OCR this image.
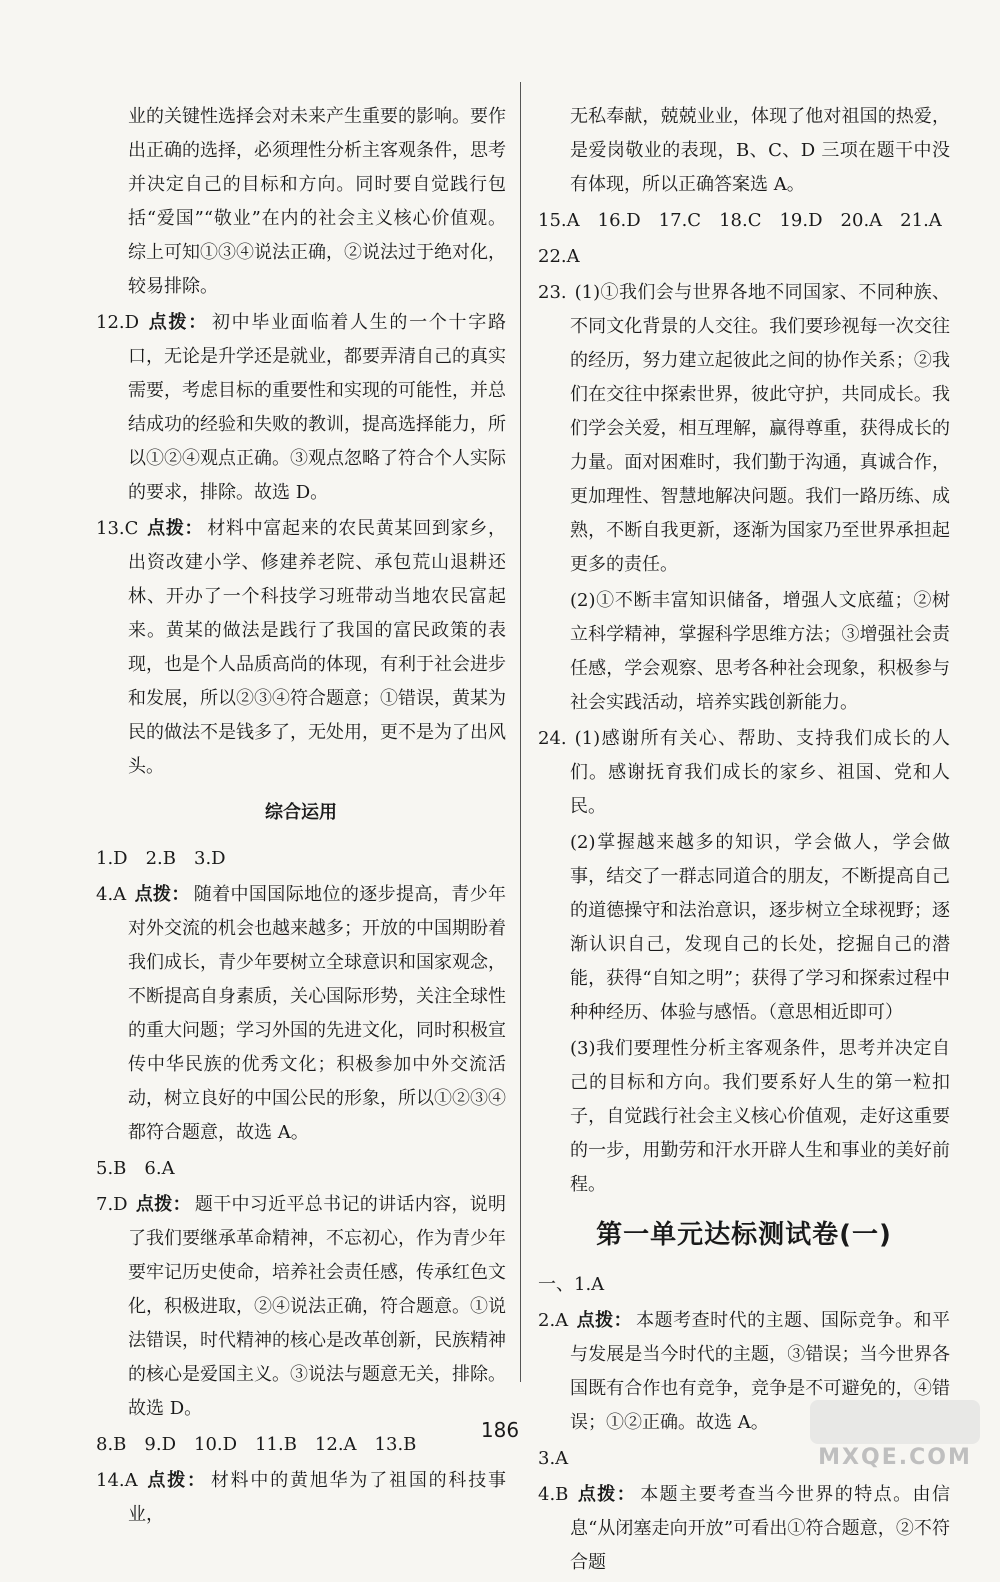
业的关键性选择会对未来产生重要的影响。要作出正确的选择，必须理性分析主客观条件，思考并决定自己的目标和方向。同时要自觉践行包括“爱国”“敬业”在内的社会主义核心价值观。综上可知①③④说法正确，②说法过于绝对化，较易排除。
12.D 点拨： 初中毕业面临着人生的一个十字路口，无论是升学还是就业，都要弄清自己的真实需要，考虑目标的重要性和实现的可能性，并总结成功的经验和失败的教训，提高选择能力，所以①②④观点正确。③观点忽略了符合个人实际的要求，排除。故选 D。
13.C 点拨： 材料中富起来的农民黄某回到家乡，出资改建小学、修建养老院、承包荒山退耕还林、开办了一个科技学习班带动当地农民富起来。黄某的做法是践行了我国的富民政策的表现，也是个人品质高尚的体现，有利于社会进步和发展，所以②③④符合题意；①错误，黄某为民的做法不是钱多了，无处用，更不是为了出风头。
综合运用
1.D　2.B　3.D
4.A 点拨： 随着中国国际地位的逐步提高，青少年对外交流的机会也越来越多；开放的中国期盼着我们成长，青少年要树立全球意识和国家观念，不断提高自身素质，关心国际形势，关注全球性的重大问题；学习外国的先进文化，同时积极宣传中华民族的优秀文化；积极参加中外交流活动，树立良好的中国公民的形象，所以①②③④都符合题意，故选 A。
5.B　6.A
7.D 点拨： 题干中习近平总书记的讲话内容，说明了我们要继承革命精神，不忘初心，作为青少年要牢记历史使命，培养社会责任感，传承红色文化，积极进取，②④说法正确，符合题意。①说法错误，时代精神的核心是改革创新，民族精神的核心是爱国主义。③说法与题意无关，排除。故选 D。
8.B　9.D　10.D　11.B　12.A　13.B
14.A 点拨： 材料中的黄旭华为了祖国的科技事业，
无私奉献，兢兢业业，体现了他对祖国的热爱，是爱岗敬业的表现，B、C、D 三项在题干中没有体现，所以正确答案选 A。
15.A　16.D　17.C　18.C　19.D　20.A　21.A
22.A
23. (1)①我们会与世界各地不同国家、不同种族、不同文化背景的人交往。我们要珍视每一次交往的经历，努力建立起彼此之间的协作关系；②我们在交往中探索世界，彼此守护，共同成长。我们学会关爱，相互理解，赢得尊重，获得成长的力量。面对困难时，我们勤于沟通，真诚合作，更加理性、智慧地解决问题。我们一路历练、成熟，不断自我更新，逐渐为国家乃至世界承担起更多的责任。
(2)①不断丰富知识储备，增强人文底蕴；②树立科学精神，掌握科学思维方法；③增强社会责任感，学会观察、思考各种社会现象，积极参与社会实践活动，培养实践创新能力。
24. (1)感谢所有关心、帮助、支持我们成长的人们。感谢抚育我们成长的家乡、祖国、党和人民。
(2)掌握越来越多的知识，学会做人，学会做事，结交了一群志同道合的朋友，不断提高自己的道德操守和法治意识，逐步树立全球视野；逐渐认识自己，发现自己的长处，挖掘自己的潜能，获得“自知之明”；获得了学习和探索过程中种种经历、体验与感悟。（意思相近即可）
(3)我们要理性分析主客观条件，思考并决定自己的目标和方向。我们要系好人生的第一粒扣子，自觉践行社会主义核心价值观，走好这重要的一步，用勤劳和汗水开辟人生和事业的美好前程。
第一单元达标测试卷(一)
一、1.A
2.A 点拨： 本题考查时代的主题、国际竞争。和平与发展是当今时代的主题，③错误；当今世界各国既有合作也有竞争，竞争是不可避免的，④错误；①②正确。故选 A。
3.A
4.B 点拨： 本题主要考查当今世界的特点。由信息“从闭塞走向开放”可看出①符合题意，②不符合题
186
MXQE.COM
